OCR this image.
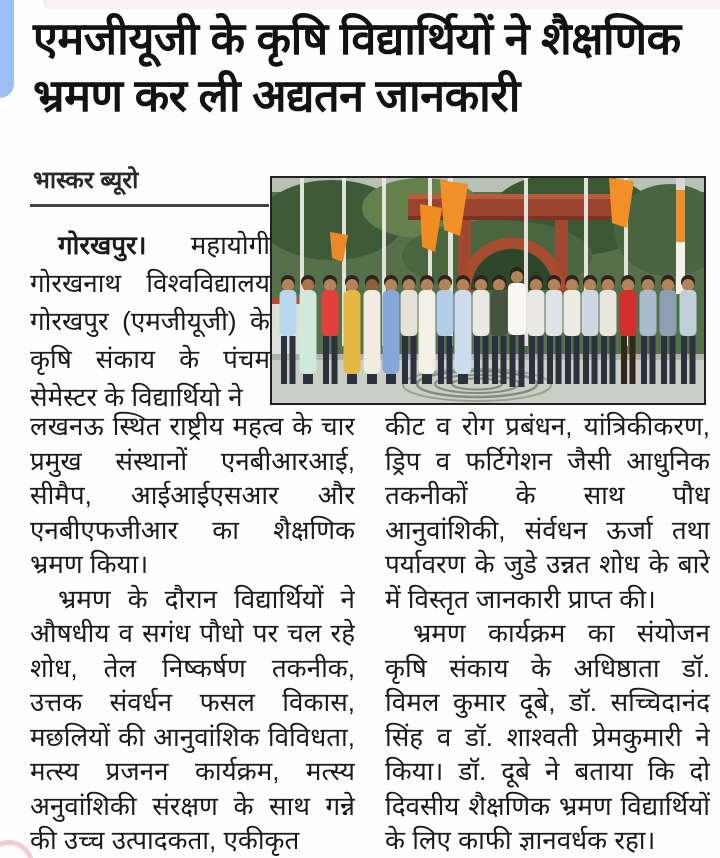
एमजीयूजी के कृषि विद्यार्थियों ने शैक्षणिक
भ्रमण कर ली अद्यतन जानकारी
भास्कर ब्यूरो

गोरखपुर। महायोगी गोरखनाथ विश्वविद्यालय गोरखपुर (एमजीयूजी) के कृषि संकाय के पंचम सेमेस्टर के विद्यार्थियो ने

लखनऊ स्थित राष्ट्रीय महत्व के चार प्रमुख संस्थानों एनबीआरआई, सीमैप, आईआईएसआर और एनबीएफजीआर का शैक्षणिक भ्रमण किया।

भ्रमण के दौरान विद्यार्थियों ने औषधीय व सगंध पौधो पर चल रहे शोध, तेल निष्कर्षण तकनीक, उत्तक संवर्धन फसल विकास, मछलियों की आनुवांशिक विविधता, मत्स्य प्रजनन कार्यक्रम, मत्स्य अनुवांशिकी संरक्षण के साथ गन्ने की उच्च उत्पादकता, एकीकृत

कीट व रोग प्रबंधन, यांत्रिकीकरण, ड्रिप व फर्टिगेशन जैसी आधुनिक तकनीकों के साथ पौध आनुवांशिकी, संर्वधन ऊर्जा तथा पर्यावरण के जुडे उन्नत शोध के बारे में विस्तृत जानकारी प्राप्त की।

भ्रमण कार्यक्रम का संयोजन कृषि संकाय के अधिष्ठाता डॉ. विमल कुमार दूबे, डॉ. सच्चिदानंद सिंह व डॉ. शाश्वती प्रेमकुमारी ने किया। डॉ. दूबे ने बताया कि दो दिवसीय शैक्षणिक भ्रमण विद्यार्थियों के लिए काफी ज्ञानवर्धक रहा।
